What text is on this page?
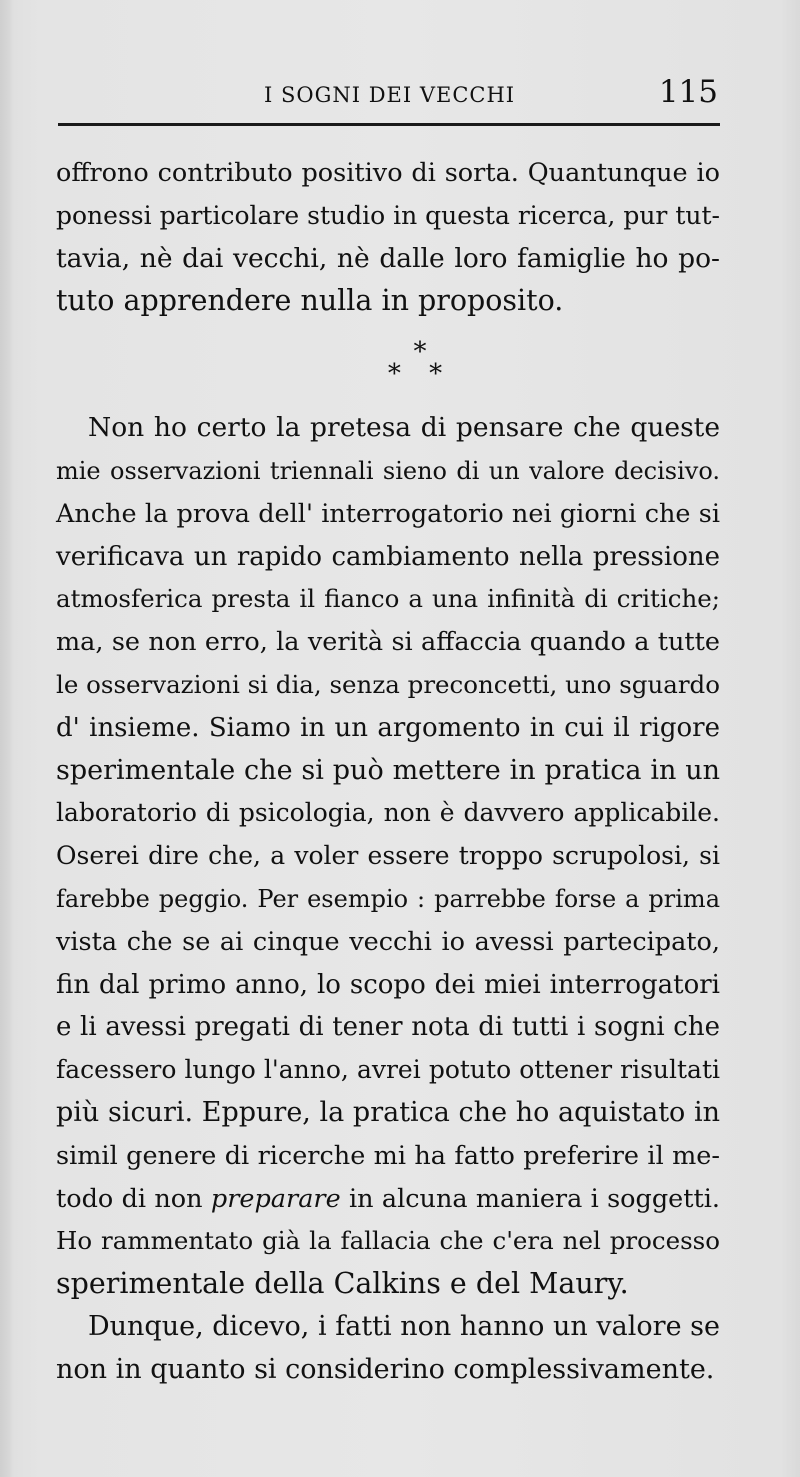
I SOGNI DEI VECCHI	115
offrono contributo positivo di sorta. Quantunque io
ponessi particolare studio in questa ricerca, pur tut-
tavia, nè dai vecchi, nè dalle loro famiglie ho po-
tuto apprendere nulla in proposito.
*
* *
Non ho certo la pretesa di pensare che queste
mie osservazioni triennali sieno di un valore decisivo.
Anche la prova dell' interrogatorio nei giorni che si
verificava un rapido cambiamento nella pressione
atmosferica presta il fianco a una infinità di critiche;
ma, se non erro, la verità si affaccia quando a tutte
le osservazioni si dia, senza preconcetti, uno sguardo
d' insieme. Siamo in un argomento in cui il rigore
sperimentale che si può mettere in pratica in un
laboratorio di psicologia, non è davvero applicabile.
Oserei dire che, a voler essere troppo scrupolosi, si
farebbe peggio. Per esempio : parrebbe forse a prima
vista che se ai cinque vecchi io avessi partecipato,
fin dal primo anno, lo scopo dei miei interrogatori
e li avessi pregati di tener nota di tutti i sogni che
facessero lungo l'anno, avrei potuto ottener risultati
più sicuri. Eppure, la pratica che ho aquistato in
simil genere di ricerche mi ha fatto preferire il me-
todo di non preparare in alcuna maniera i soggetti.
Ho rammentato già la fallacia che c'era nel processo
sperimentale della Calkins e del Maury.
Dunque, dicevo, i fatti non hanno un valore se
non in quanto si considerino complessivamente.
